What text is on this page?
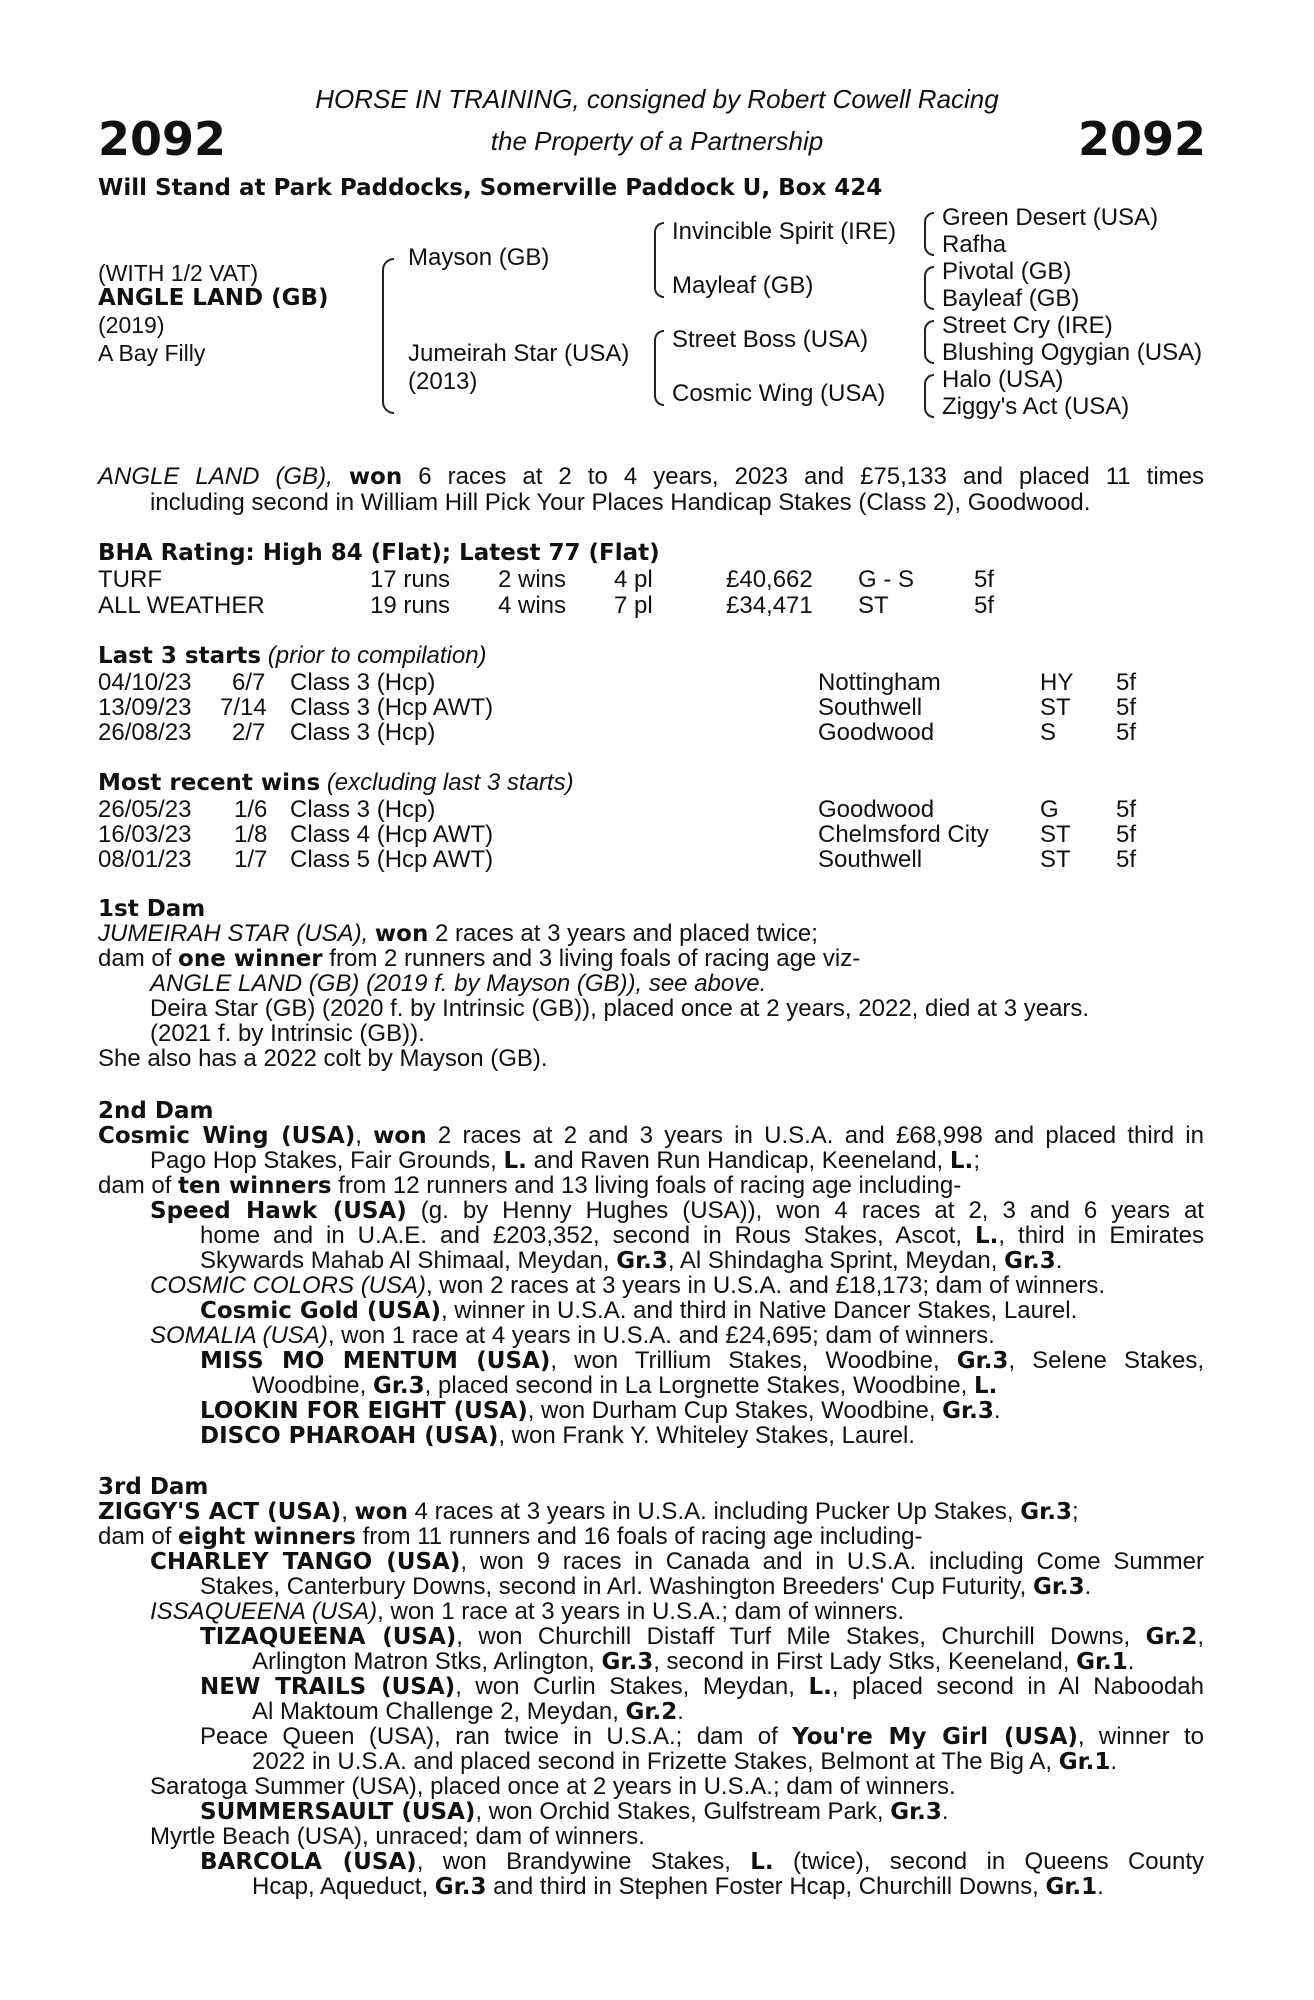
2092	2092
HORSE IN TRAINING, consigned by Robert Cowell Racing
the Property of a Partnership
Will Stand at Park Paddocks, Somerville Paddock U, Box 424
(WITH 1/2 VAT)
ANGLE LAND (GB)
(2019)
A Bay Filly
Mayson (GB)
Jumeirah Star (USA)
(2013)
Invincible Spirit (IRE)
Mayleaf (GB)
Street Boss (USA)
Cosmic Wing (USA)
Green Desert (USA)
Rafha
Pivotal (GB)
Bayleaf (GB)
Street Cry (IRE)
Blushing Ogygian (USA)
Halo (USA)
Ziggy's Act (USA)
ANGLE LAND (GB), won 6 races at 2 to 4 years, 2023 and £75,133 and placed 11 times
including second in William Hill Pick Your Places Handicap Stakes (Class 2), Goodwood.
BHA Rating: High 84 (Flat); Latest 77 (Flat)
TURF	17 runs 2 wins 4 pl	£40,662 G - S 5f
ALL WEATHER	19 runs 4 wins 7 pl	£34,471 ST	5f
Last 3 starts (prior to compilation)
04/10/23 6/7 Class 3 (Hcp)	Nottingham	HY 5f
13/09/23 7/14 Class 3 (Hcp AWT)	Southwell	ST 5f
26/08/23 2/7 Class 3 (Hcp)	Goodwood	S 5f
Most recent wins (excluding last 3 starts)
26/05/23 1/6 Class 3 (Hcp)	Goodwood	G 5f
16/03/23 1/8 Class 4 (Hcp AWT)	Chelmsford City ST 5f
08/01/23 1/7 Class 5 (Hcp AWT)	Southwell	ST 5f
1st Dam
JUMEIRAH STAR (USA), won 2 races at 3 years and placed twice;
dam of one winner from 2 runners and 3 living foals of racing age viz-
ANGLE LAND (GB) (2019 f. by Mayson (GB)), see above.
Deira Star (GB) (2020 f. by Intrinsic (GB)), placed once at 2 years, 2022, died at 3 years.
(2021 f. by Intrinsic (GB)).
She also has a 2022 colt by Mayson (GB).
2nd Dam
Cosmic Wing (USA), won 2 races at 2 and 3 years in U.S.A. and £68,998 and placed third in
Pago Hop Stakes, Fair Grounds, L. and Raven Run Handicap, Keeneland, L.;
dam of ten winners from 12 runners and 13 living foals of racing age including-
Speed Hawk (USA) (g. by Henny Hughes (USA)), won 4 races at 2, 3 and 6 years at
home and in U.A.E. and £203,352, second in Rous Stakes, Ascot, L., third in Emirates
Skywards Mahab Al Shimaal, Meydan, Gr.3, Al Shindagha Sprint, Meydan, Gr.3.
COSMIC COLORS (USA), won 2 races at 3 years in U.S.A. and £18,173; dam of winners.
Cosmic Gold (USA), winner in U.S.A. and third in Native Dancer Stakes, Laurel.
SOMALIA (USA), won 1 race at 4 years in U.S.A. and £24,695; dam of winners.
MISS MO MENTUM (USA), won Trillium Stakes, Woodbine, Gr.3, Selene Stakes,
Woodbine, Gr.3, placed second in La Lorgnette Stakes, Woodbine, L.
LOOKIN FOR EIGHT (USA), won Durham Cup Stakes, Woodbine, Gr.3.
DISCO PHAROAH (USA), won Frank Y. Whiteley Stakes, Laurel.
3rd Dam
ZIGGY'S ACT (USA), won 4 races at 3 years in U.S.A. including Pucker Up Stakes, Gr.3;
dam of eight winners from 11 runners and 16 foals of racing age including-
CHARLEY TANGO (USA), won 9 races in Canada and in U.S.A. including Come Summer
Stakes, Canterbury Downs, second in Arl. Washington Breeders' Cup Futurity, Gr.3.
ISSAQUEENA (USA), won 1 race at 3 years in U.S.A.; dam of winners.
TIZAQUEENA (USA), won Churchill Distaff Turf Mile Stakes, Churchill Downs, Gr.2,
Arlington Matron Stks, Arlington, Gr.3, second in First Lady Stks, Keeneland, Gr.1.
NEW TRAILS (USA), won Curlin Stakes, Meydan, L., placed second in Al Naboodah
Al Maktoum Challenge 2, Meydan, Gr.2.
Peace Queen (USA), ran twice in U.S.A.; dam of You're My Girl (USA), winner to
2022 in U.S.A. and placed second in Frizette Stakes, Belmont at The Big A, Gr.1.
Saratoga Summer (USA), placed once at 2 years in U.S.A.; dam of winners.
SUMMERSAULT (USA), won Orchid Stakes, Gulfstream Park, Gr.3.
Myrtle Beach (USA), unraced; dam of winners.
BARCOLA (USA), won Brandywine Stakes, L. (twice), second in Queens County
Hcap, Aqueduct, Gr.3 and third in Stephen Foster Hcap, Churchill Downs, Gr.1.
